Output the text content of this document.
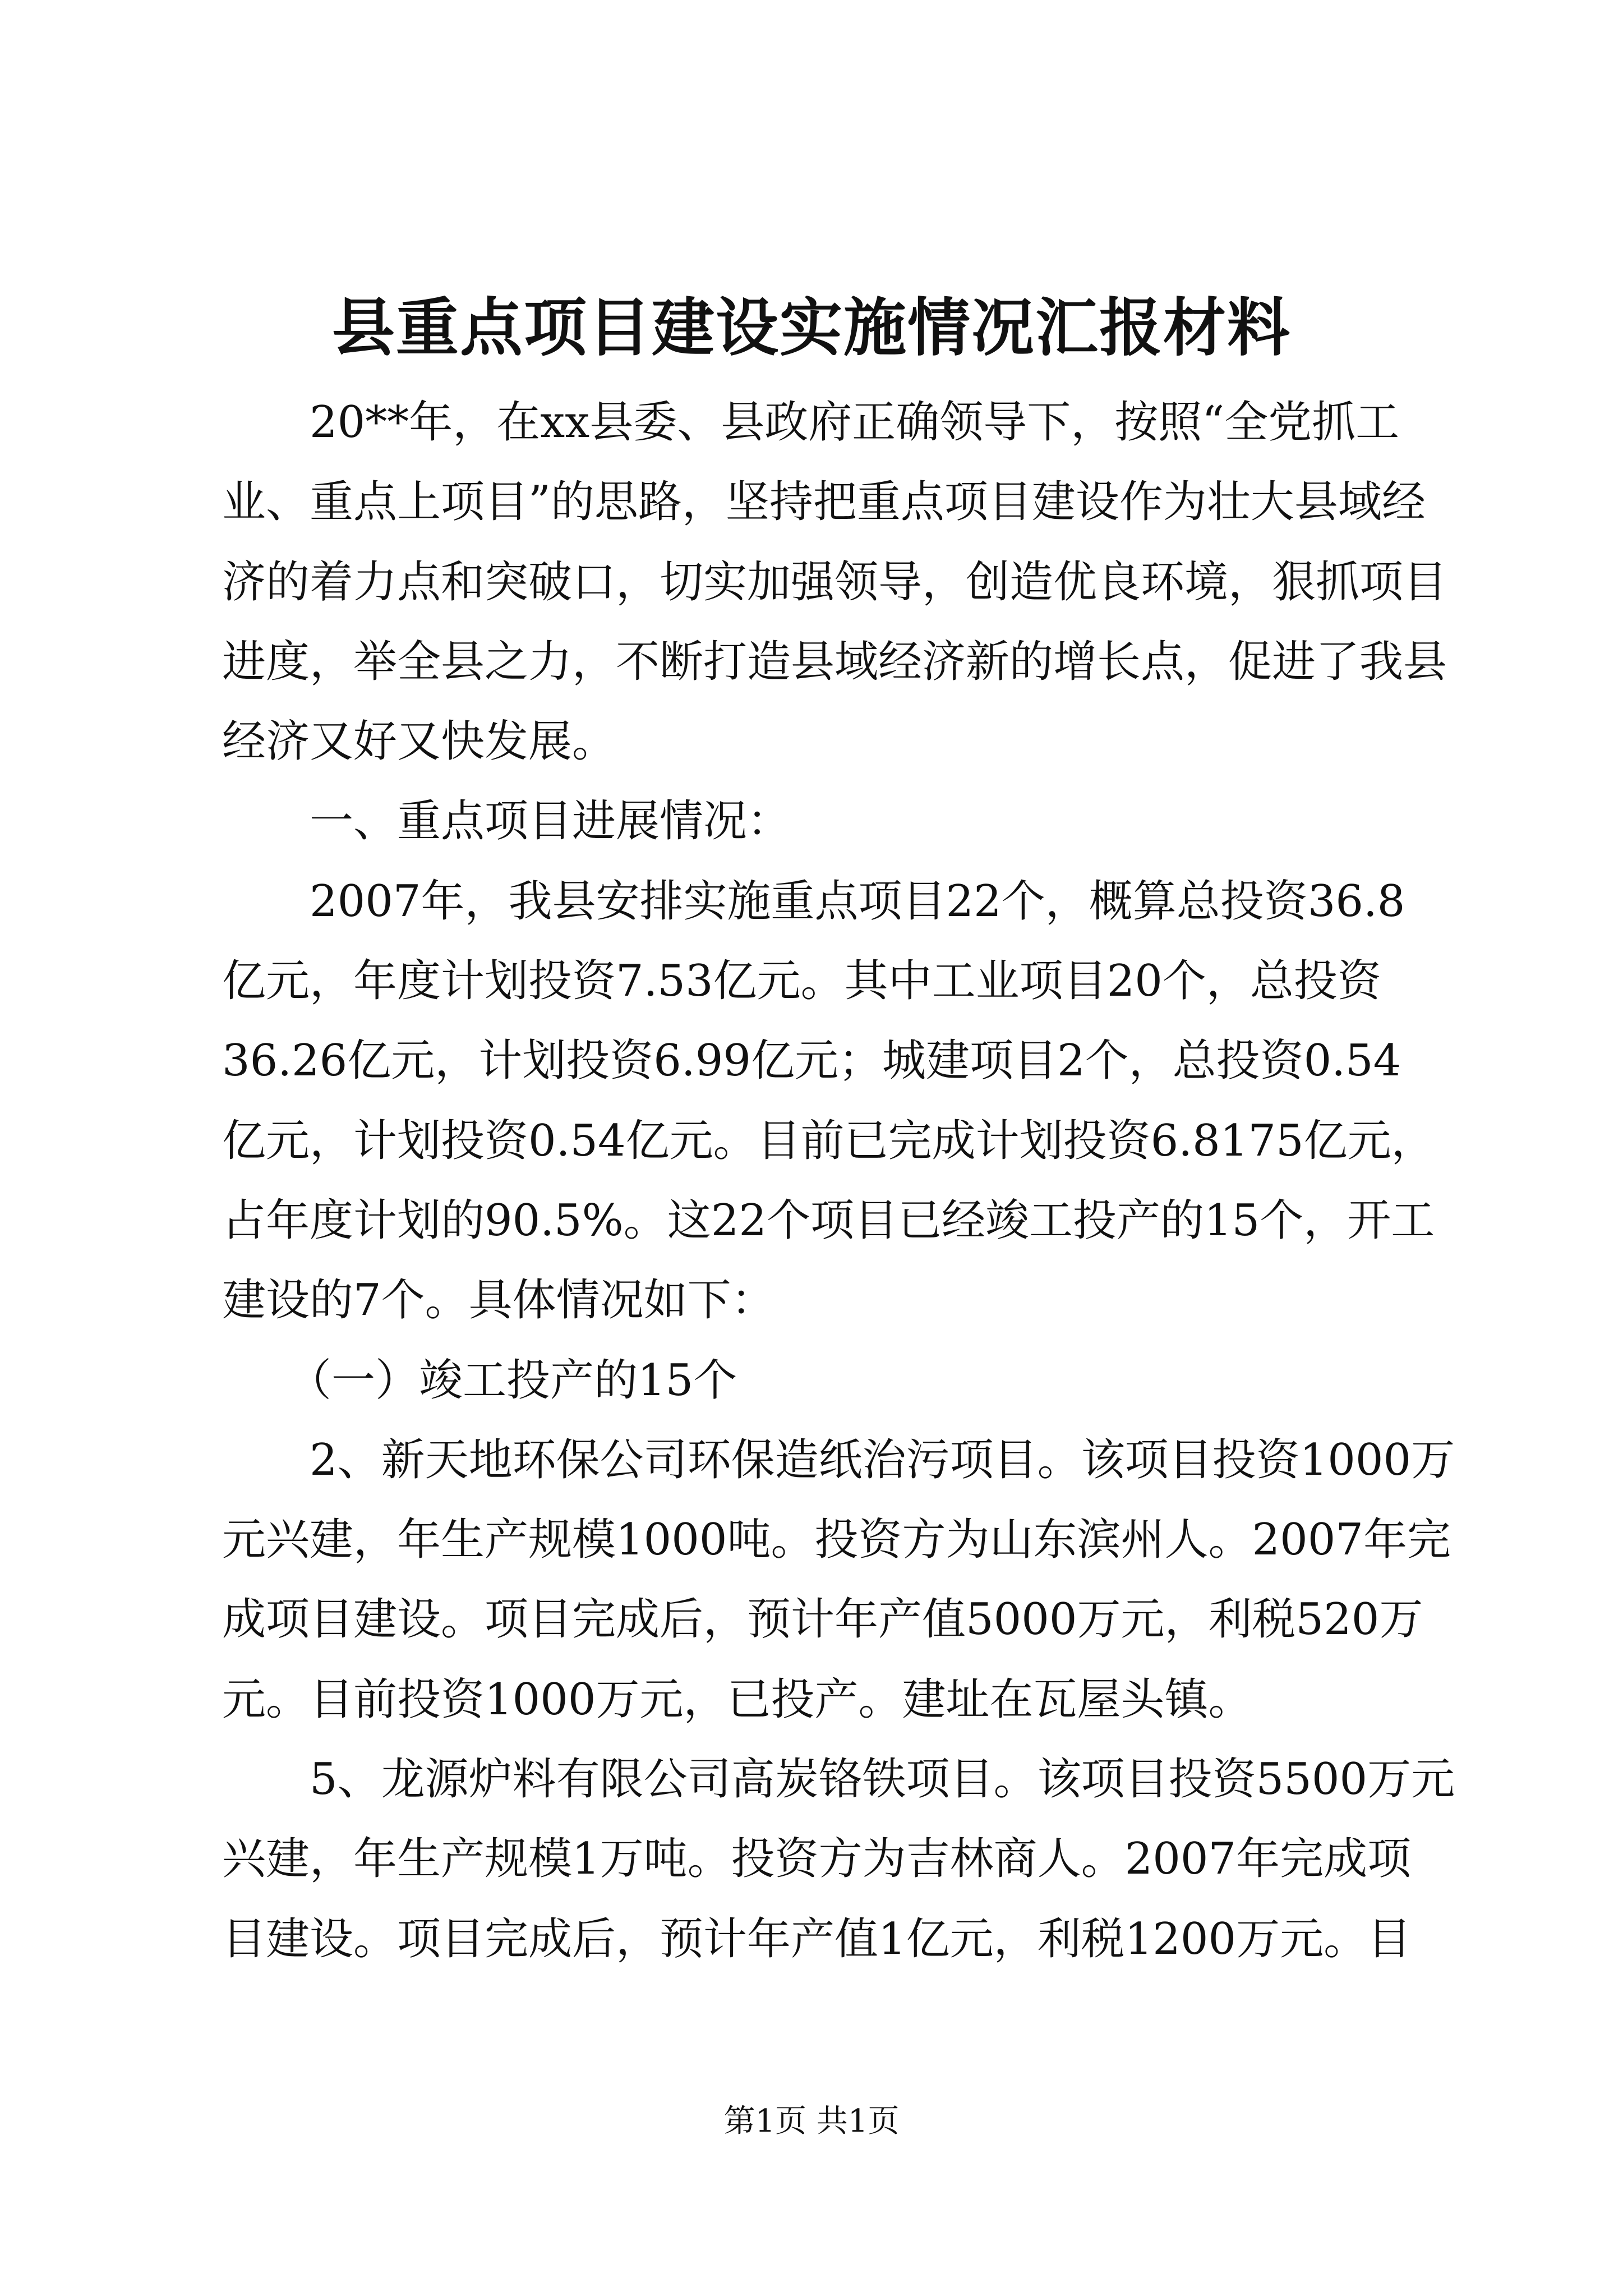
县重点项目建设实施情况汇报材料
　　20**年，在xx县委、县政府正确领导下，按照“全党抓工
业、重点上项目”的思路，坚持把重点项目建设作为壮大县域经
济的着力点和突破口，切实加强领导，创造优良环境，狠抓项目
进度，举全县之力，不断打造县域经济新的增长点，促进了我县
经济又好又快发展。
　　一、重点项目进展情况：
　　2007年，我县安排实施重点项目22个，概算总投资36.8
亿元，年度计划投资7.53亿元。其中工业项目20个，总投资
36.26亿元，计划投资6.99亿元；城建项目2个，总投资0.54
亿元，计划投资0.54亿元。目前已完成计划投资6.8175亿元，
占年度计划的90.5%。这22个项目已经竣工投产的15个，开工
建设的7个。具体情况如下：
　　（一）竣工投产的15个
　　2、新天地环保公司环保造纸治污项目。该项目投资1000万
元兴建，年生产规模1000吨。投资方为山东滨州人。2007年完
成项目建设。项目完成后，预计年产值5000万元，利税520万
元。目前投资1000万元，已投产。建址在瓦屋头镇。
　　5、龙源炉料有限公司高炭铬铁项目。该项目投资5500万元
兴建，年生产规模1万吨。投资方为吉林商人。2007年完成项
目建设。项目完成后，预计年产值1亿元，利税1200万元。目
第1页 共1页
